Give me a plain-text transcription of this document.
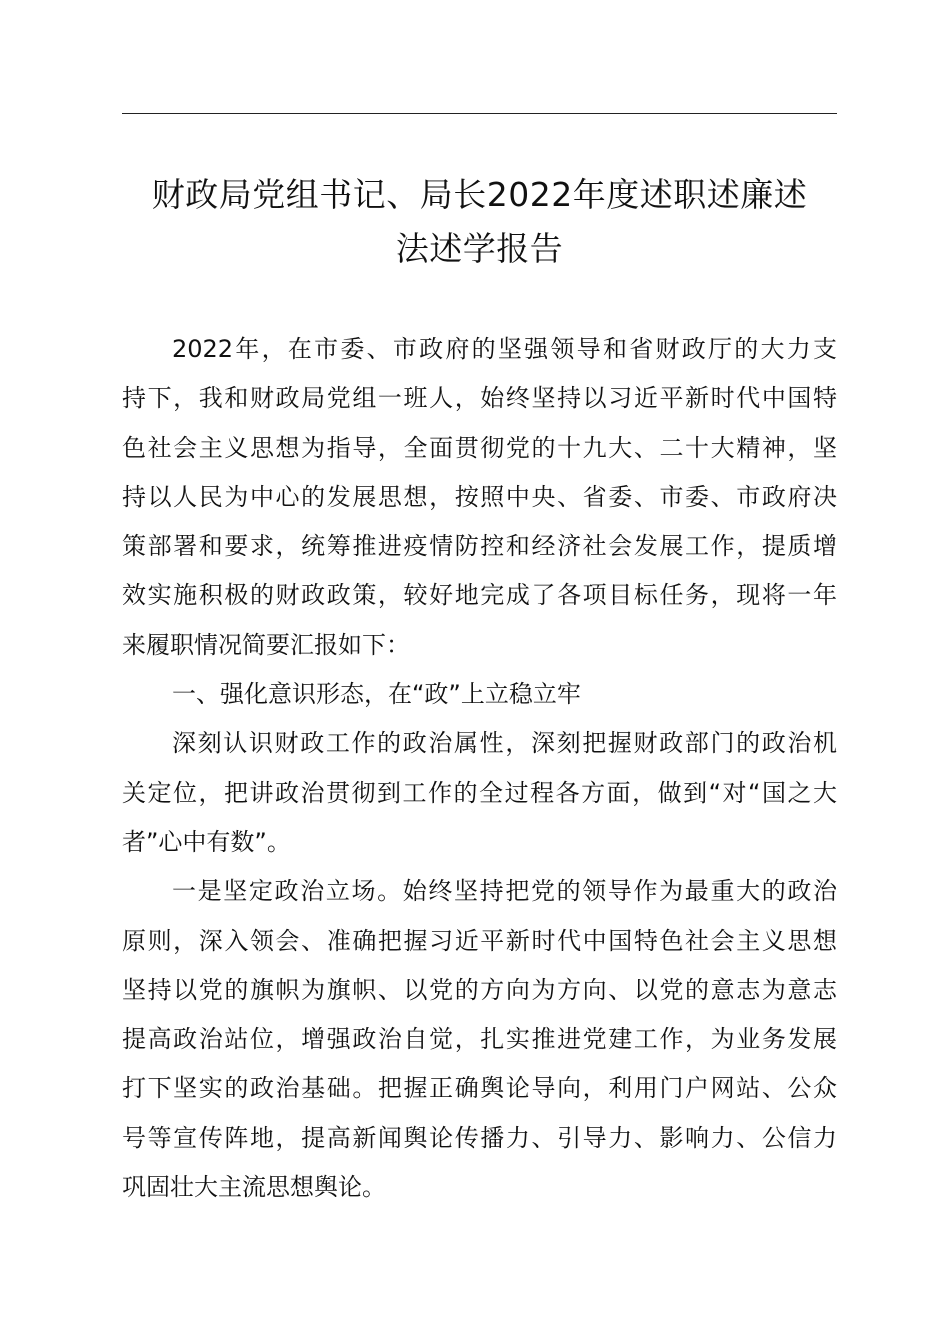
财政局党组书记、局长2022年度述职述廉述
法述学报告
2022年，在市委、市政府的坚强领导和省财政厅的大力支
持下，我和财政局党组一班人，始终坚持以习近平新时代中国特
色社会主义思想为指导，全面贯彻党的十九大、二十大精神，坚
持以人民为中心的发展思想，按照中央、省委、市委、市政府决
策部署和要求，统筹推进疫情防控和经济社会发展工作，提质增
效实施积极的财政政策，较好地完成了各项目标任务，现将一年
来履职情况简要汇报如下：
一、强化意识形态，在“政”上立稳立牢
深刻认识财政工作的政治属性，深刻把握财政部门的政治机
关定位，把讲政治贯彻到工作的全过程各方面，做到“对“国之大
者”心中有数”。
一是坚定政治立场。始终坚持把党的领导作为最重大的政治
原则，深入领会、准确把握习近平新时代中国特色社会主义思想
坚持以党的旗帜为旗帜、以党的方向为方向、以党的意志为意志
提高政治站位，增强政治自觉，扎实推进党建工作，为业务发展
打下坚实的政治基础。把握正确舆论导向，利用门户网站、公众
号等宣传阵地，提高新闻舆论传播力、引导力、影响力、公信力
巩固壮大主流思想舆论。
